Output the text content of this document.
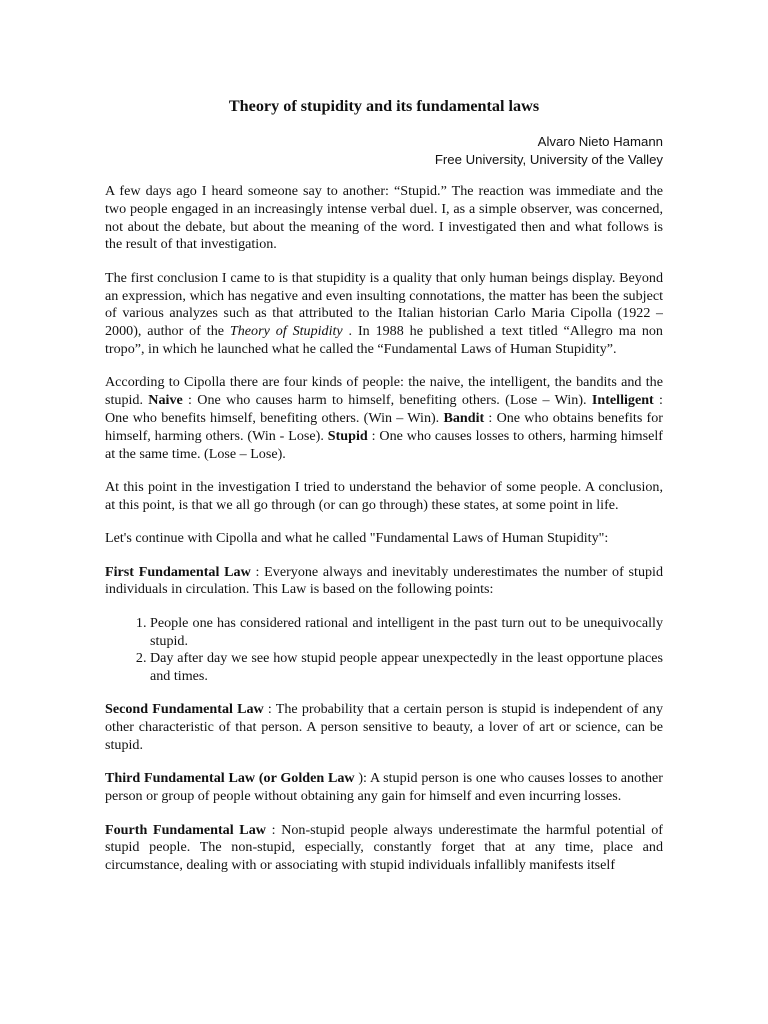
Theory of stupidity and its fundamental laws
Alvaro Nieto Hamann
Free University, University of the Valley

A few days ago I heard someone say to another: “Stupid.” The reaction was immediate and the two people engaged in an increasingly intense verbal duel. I, as a simple observer, was concerned, not about the debate, but about the meaning of the word. I investigated then and what follows is the result of that investigation.

The first conclusion I came to is that stupidity is a quality that only human beings display. Beyond an expression, which has negative and even insulting connotations, the matter has been the subject of various analyzes such as that attributed to the Italian historian Carlo Maria Cipolla (1922 –2000), author of the Theory of Stupidity . In 1988 he published a text titled “Allegro ma non tropo”, in which he launched what he called the “Fundamental Laws of Human Stupidity”.

According to Cipolla there are four kinds of people: the naive, the intelligent, the bandits and the stupid. Naive : One who causes harm to himself, benefiting others. (Lose – Win). Intelligent : One who benefits himself, benefiting others. (Win – Win). Bandit : One who obtains benefits for himself, harming others. (Win - Lose). Stupid : One who causes losses to others, harming himself at the same time. (Lose – Lose).

At this point in the investigation I tried to understand the behavior of some people. A conclusion, at this point, is that we all go through (or can go through) these states, at some point in life.

Let's continue with Cipolla and what he called "Fundamental Laws of Human Stupidity":

First Fundamental Law : Everyone always and inevitably underestimates the number of stupid individuals in circulation. This Law is based on the following points:

1. People one has considered rational and intelligent in the past turn out to be unequivocally stupid.
2. Day after day we see how stupid people appear unexpectedly in the least opportune places and times.

Second Fundamental Law : The probability that a certain person is stupid is independent of any other characteristic of that person. A person sensitive to beauty, a lover of art or science, can be stupid.

Third Fundamental Law (or Golden Law ): A stupid person is one who causes losses to another person or group of people without obtaining any gain for himself and even incurring losses.

Fourth Fundamental Law : Non-stupid people always underestimate the harmful potential of stupid people. The non-stupid, especially, constantly forget that at any time, place and circumstance, dealing with or associating with stupid individuals infallibly manifests itself
